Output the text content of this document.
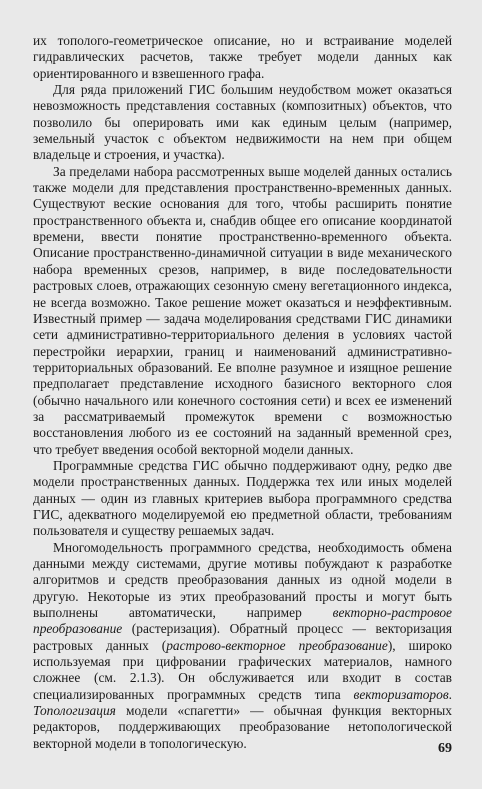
их тополого-геометрическое описание, но и встраивание моделей гидравлических расчетов, также требует модели данных как ориентированного и взвешенного графа.

Для ряда приложений ГИС большим неудобством может оказаться невозможность представления составных (композитных) объектов, что позволило бы оперировать ими как единым целым (например, земельный участок с объектом недвижимости на нем при общем владельце и строения, и участка).

За пределами набора рассмотренных выше моделей данных остались также модели для представления пространственно-временных данных. Существуют веские основания для того, чтобы расширить понятие пространственного объекта и, снабдив общее его описание координатой времени, ввести понятие пространственно-временного объекта. Описание пространственно-динамичной ситуации в виде механического набора временных срезов, например, в виде последовательности растровых слоев, отражающих сезонную смену вегетационного индекса, не всегда возможно. Такое решение может оказаться и неэффективным. Известный пример — задача моделирования средствами ГИС динамики сети административно-территориального деления в условиях частой перестройки иерархии, границ и наименований административно-территориальных образований. Ее вполне разумное и изящное решение предполагает представление исходного базисного векторного слоя (обычно начального или конечного состояния сети) и всех ее изменений за рассматриваемый промежуток времени с возможностью восстановления любого из ее состояний на заданный временной срез, что требует введения особой векторной модели данных.

Программные средства ГИС обычно поддерживают одну, редко две модели пространственных данных. Поддержка тех или иных моделей данных — один из главных критериев выбора программного средства ГИС, адекватного моделируемой ею предметной области, требованиям пользователя и существу решаемых задач.

Многомодельность программного средства, необходимость обмена данными между системами, другие мотивы побуждают к разработке алгоритмов и средств преобразования данных из одной модели в другую. Некоторые из этих преобразований просты и могут быть выполнены автоматически, например векторно-растровое преобразование (растеризация). Обратный процесс — векторизация растровых данных (растрово-векторное преобразование), широко используемая при цифровании графических материалов, намного сложнее (см. 2.1.3). Он обслуживается или входит в состав специализированных программных средств типа векторизаторов. Топологизация модели «спагетти» — обычная функция векторных редакторов, поддерживающих преобразование нетопологической векторной модели в топологическую.	69
